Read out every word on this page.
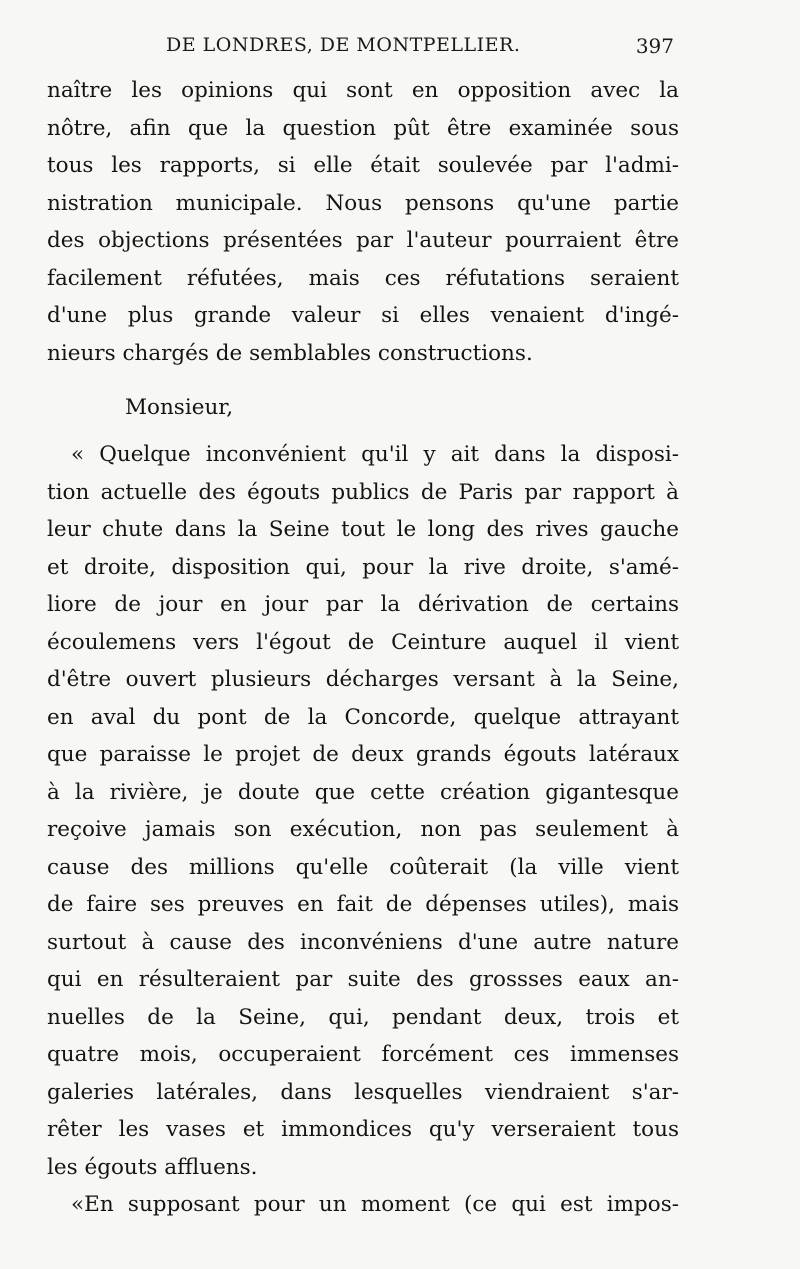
DE LONDRES, DE MONTPELLIER.	397
naître les opinions qui sont en opposition avec la
nôtre, afin que la question pût être examinée sous
tous les rapports, si elle était soulevée par l'admi-
nistration municipale. Nous pensons qu'une partie
des objections présentées par l'auteur pourraient être
facilement réfutées, mais ces réfutations seraient
d'une plus grande valeur si elles venaient d'ingé-
nieurs chargés de semblables constructions.
Monsieur,
« Quelque inconvénient qu'il y ait dans la disposi-
tion actuelle des égouts publics de Paris par rapport à
leur chute dans la Seine tout le long des rives gauche
et droite, disposition qui, pour la rive droite, s'amé-
liore de jour en jour par la dérivation de certains
écoulemens vers l'égout de Ceinture auquel il vient
d'être ouvert plusieurs décharges versant à la Seine,
en aval du pont de la Concorde, quelque attrayant
que paraisse le projet de deux grands égouts latéraux
à la rivière, je doute que cette création gigantesque
reçoive jamais son exécution, non pas seulement à
cause des millions qu'elle coûterait (la ville vient
de faire ses preuves en fait de dépenses utiles), mais
surtout à cause des inconvéniens d'une autre nature
qui en résulteraient par suite des grossses eaux an-
nuelles de la Seine, qui, pendant deux, trois et
quatre mois, occuperaient forcément ces immenses
galeries latérales, dans lesquelles viendraient s'ar-
rêter les vases et immondices qu'y verseraient tous
les égouts affluens.
«En supposant pour un moment (ce qui est impos-
